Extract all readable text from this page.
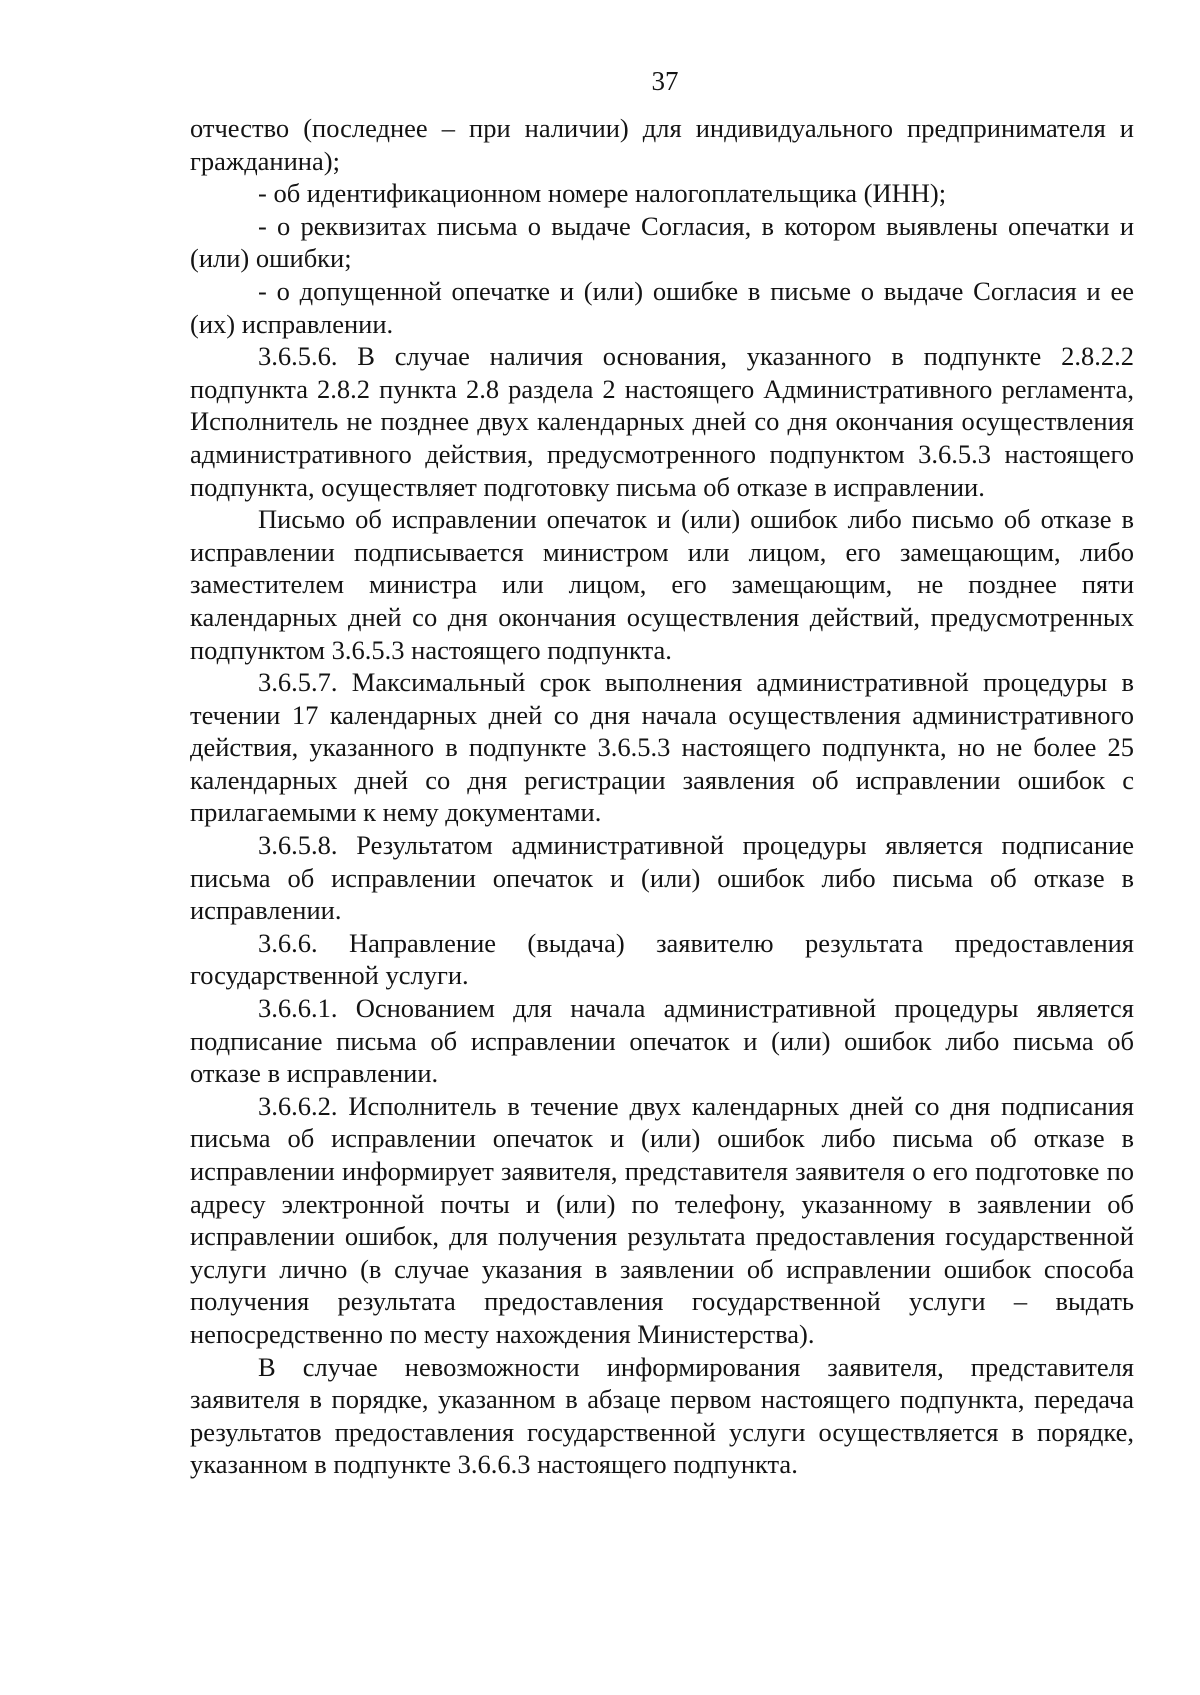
37

отчество (последнее – при наличии) для индивидуального предпринимателя и гражданина);

- об идентификационном номере налогоплательщика (ИНН);

- о реквизитах письма о выдаче Согласия, в котором выявлены опечатки и (или) ошибки;

- о допущенной опечатке и (или) ошибке в письме о выдаче Согласия и ее (их) исправлении.

3.6.5.6. В случае наличия основания, указанного в подпункте 2.8.2.2 подпункта 2.8.2 пункта 2.8 раздела 2 настоящего Административного регламента, Исполнитель не позднее двух календарных дней со дня окончания осуществления административного действия, предусмотренного подпунктом 3.6.5.3 настоящего подпункта, осуществляет подготовку письма об отказе в исправлении.

Письмо об исправлении опечаток и (или) ошибок либо письмо об отказе в исправлении подписывается министром или лицом, его замещающим, либо заместителем министра или лицом, его замещающим, не позднее пяти календарных дней со дня окончания осуществления действий, предусмотренных подпунктом 3.6.5.3 настоящего подпункта.

3.6.5.7. Максимальный срок выполнения административной процедуры в течении 17 календарных дней со дня начала осуществления административного действия, указанного в подпункте 3.6.5.3 настоящего подпункта, но не более 25 календарных дней со дня регистрации заявления об исправлении ошибок с прилагаемыми к нему документами.

3.6.5.8. Результатом административной процедуры является подписание письма об исправлении опечаток и (или) ошибок либо письма об отказе в исправлении.

3.6.6. Направление (выдача) заявителю результата предоставления государственной услуги.

3.6.6.1. Основанием для начала административной процедуры является подписание письма об исправлении опечаток и (или) ошибок либо письма об отказе в исправлении.

3.6.6.2. Исполнитель в течение двух календарных дней со дня подписания письма об исправлении опечаток и (или) ошибок либо письма об отказе в исправлении информирует заявителя, представителя заявителя о его подготовке по адресу электронной почты и (или) по телефону, указанному в заявлении об исправлении ошибок, для получения результата предоставления государственной услуги лично (в случае указания в заявлении об исправлении ошибок способа получения результата предоставления государственной услуги – выдать непосредственно по месту нахождения Министерства).

В случае невозможности информирования заявителя, представителя заявителя в порядке, указанном в абзаце первом настоящего подпункта, передача результатов предоставления государственной услуги осуществляется в порядке, указанном в подпункте 3.6.6.3 настоящего подпункта.
